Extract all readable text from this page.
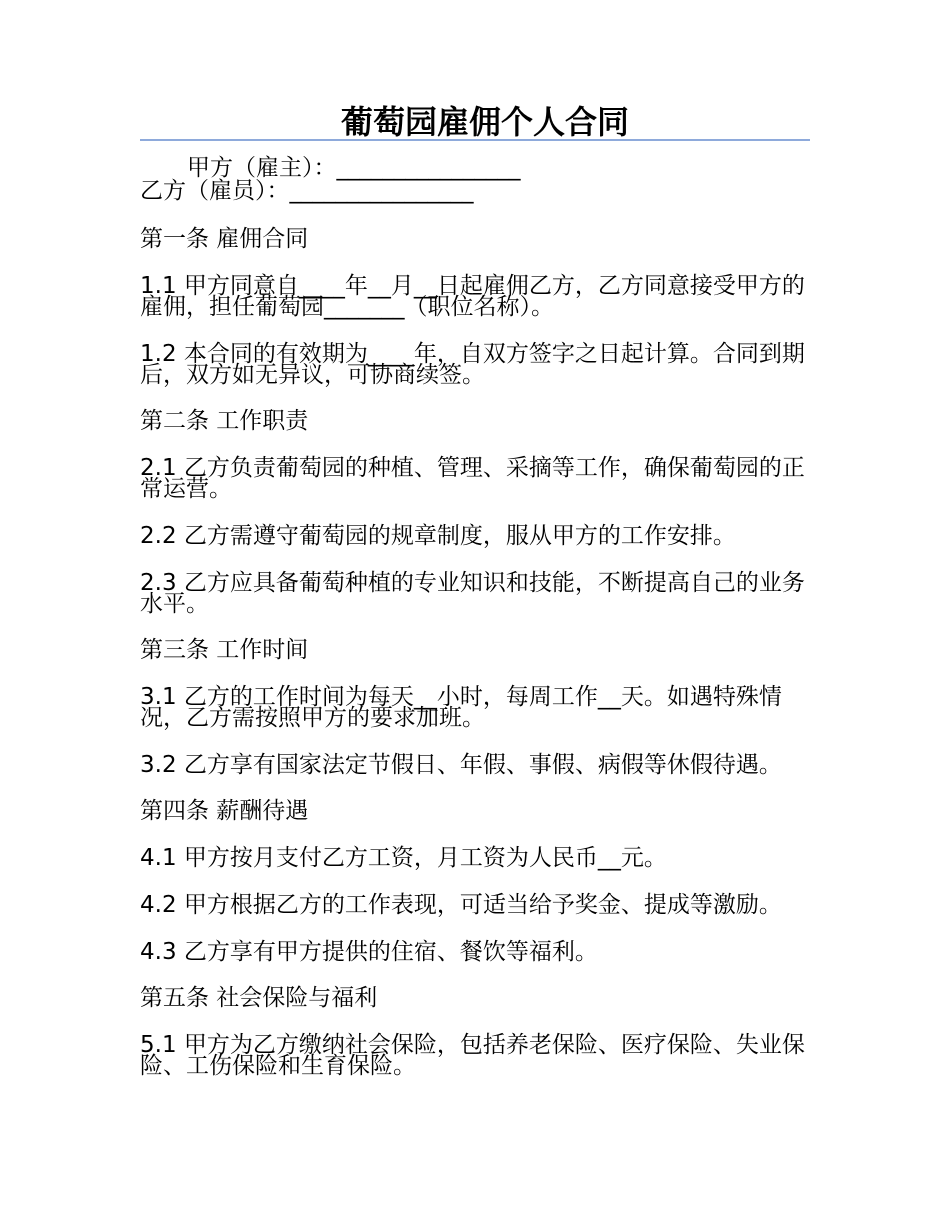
葡萄园雇佣个人合同

甲方（雇主）：________________

乙方（雇员）：________________

第一条 雇佣合同

1.1 甲方同意自____年__月__日起雇佣乙方，乙方同意接受甲方的雇佣，担任葡萄园_______（职位名称）。

1.2 本合同的有效期为____年，自双方签字之日起计算。合同到期后，双方如无异议，可协商续签。

第二条 工作职责

2.1 乙方负责葡萄园的种植、管理、采摘等工作，确保葡萄园的正常运营。

2.2 乙方需遵守葡萄园的规章制度，服从甲方的工作安排。

2.3 乙方应具备葡萄种植的专业知识和技能，不断提高自己的业务水平。

第三条 工作时间

3.1 乙方的工作时间为每天__小时，每周工作__天。如遇特殊情况，乙方需按照甲方的要求加班。

3.2 乙方享有国家法定节假日、年假、事假、病假等休假待遇。

第四条 薪酬待遇

4.1 甲方按月支付乙方工资，月工资为人民币__元。

4.2 甲方根据乙方的工作表现，可适当给予奖金、提成等激励。

4.3 乙方享有甲方提供的住宿、餐饮等福利。

第五条 社会保险与福利

5.1 甲方为乙方缴纳社会保险，包括养老保险、医疗保险、失业保险、工伤保险和生育保险。
